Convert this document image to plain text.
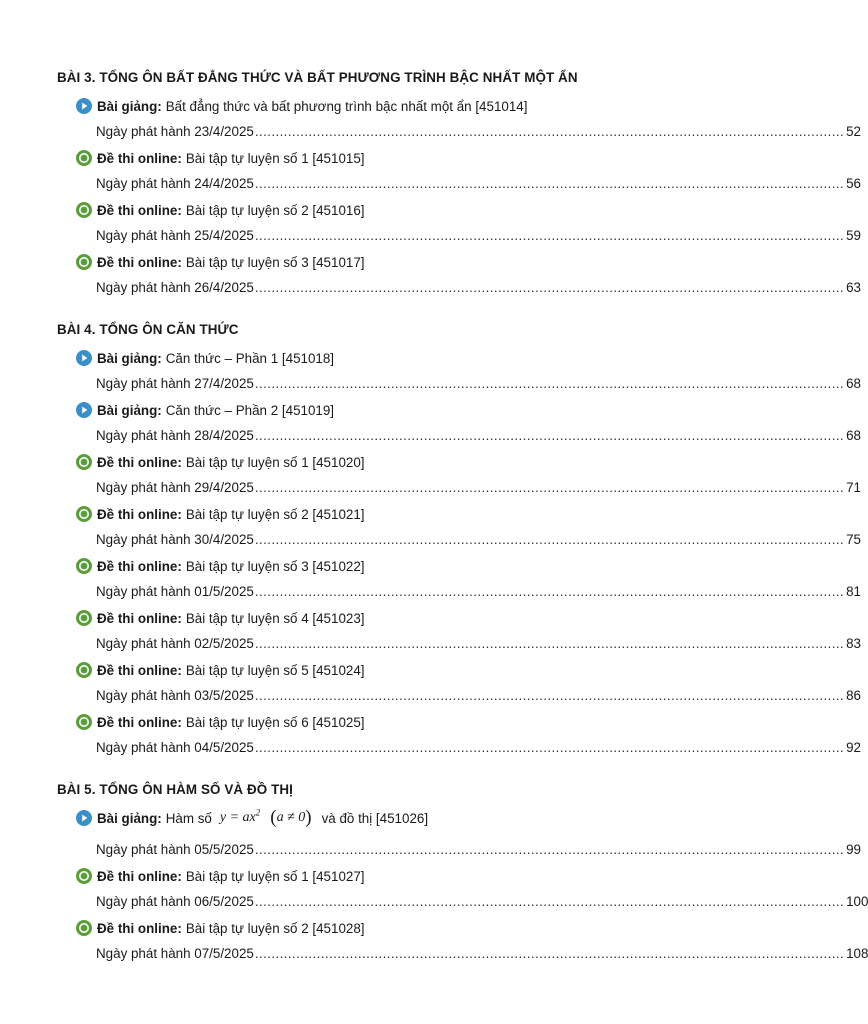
BÀI 3. TỔNG ÔN BẤT ĐẲNG THỨC VÀ BẤT PHƯƠNG TRÌNH BẬC NHẤT MỘT ẨN
Bài giảng: Bất đẳng thức và bất phương trình bậc nhất một ẩn [451014]
Ngày phát hành 23/4/2025 ............................................................................................................................................... 52
Đề thi online: Bài tập tự luyện số 1 [451015]
Ngày phát hành 24/4/2025 ............................................................................................................................................... 56
Đề thi online: Bài tập tự luyện số 2 [451016]
Ngày phát hành 25/4/2025 ............................................................................................................................................... 59
Đề thi online: Bài tập tự luyện số 3 [451017]
Ngày phát hành 26/4/2025 ............................................................................................................................................... 63
BÀI 4. TỔNG ÔN CĂN THỨC
Bài giảng: Căn thức – Phần 1 [451018]
Ngày phát hành 27/4/2025 ............................................................................................................................................... 68
Bài giảng: Căn thức – Phần 2 [451019]
Ngày phát hành 28/4/2025 ............................................................................................................................................... 68
Đề thi online: Bài tập tự luyện số 1 [451020]
Ngày phát hành 29/4/2025 ............................................................................................................................................... 71
Đề thi online: Bài tập tự luyện số 2 [451021]
Ngày phát hành 30/4/2025 ............................................................................................................................................... 75
Đề thi online: Bài tập tự luyện số 3 [451022]
Ngày phát hành 01/5/2025 ............................................................................................................................................... 81
Đề thi online: Bài tập tự luyện số 4 [451023]
Ngày phát hành 02/5/2025 ............................................................................................................................................... 83
Đề thi online: Bài tập tự luyện số 5 [451024]
Ngày phát hành 03/5/2025 ............................................................................................................................................... 86
Đề thi online: Bài tập tự luyện số 6 [451025]
Ngày phát hành 04/5/2025 ............................................................................................................................................... 92
BÀI 5. TỔNG ÔN HÀM SỐ VÀ ĐỒ THỊ
Bài giảng: Hàm số $y = ax^2$ (a ≠ 0) và đồ thị [451026]
Ngày phát hành 05/5/2025 ............................................................................................................................................... 99
Đề thi online: Bài tập tự luyện số 1 [451027]
Ngày phát hành 06/5/2025 ............................................................................................................................................... 100
Đề thi online: Bài tập tự luyện số 2 [451028]
Ngày phát hành 07/5/2025 ............................................................................................................................................... 108
